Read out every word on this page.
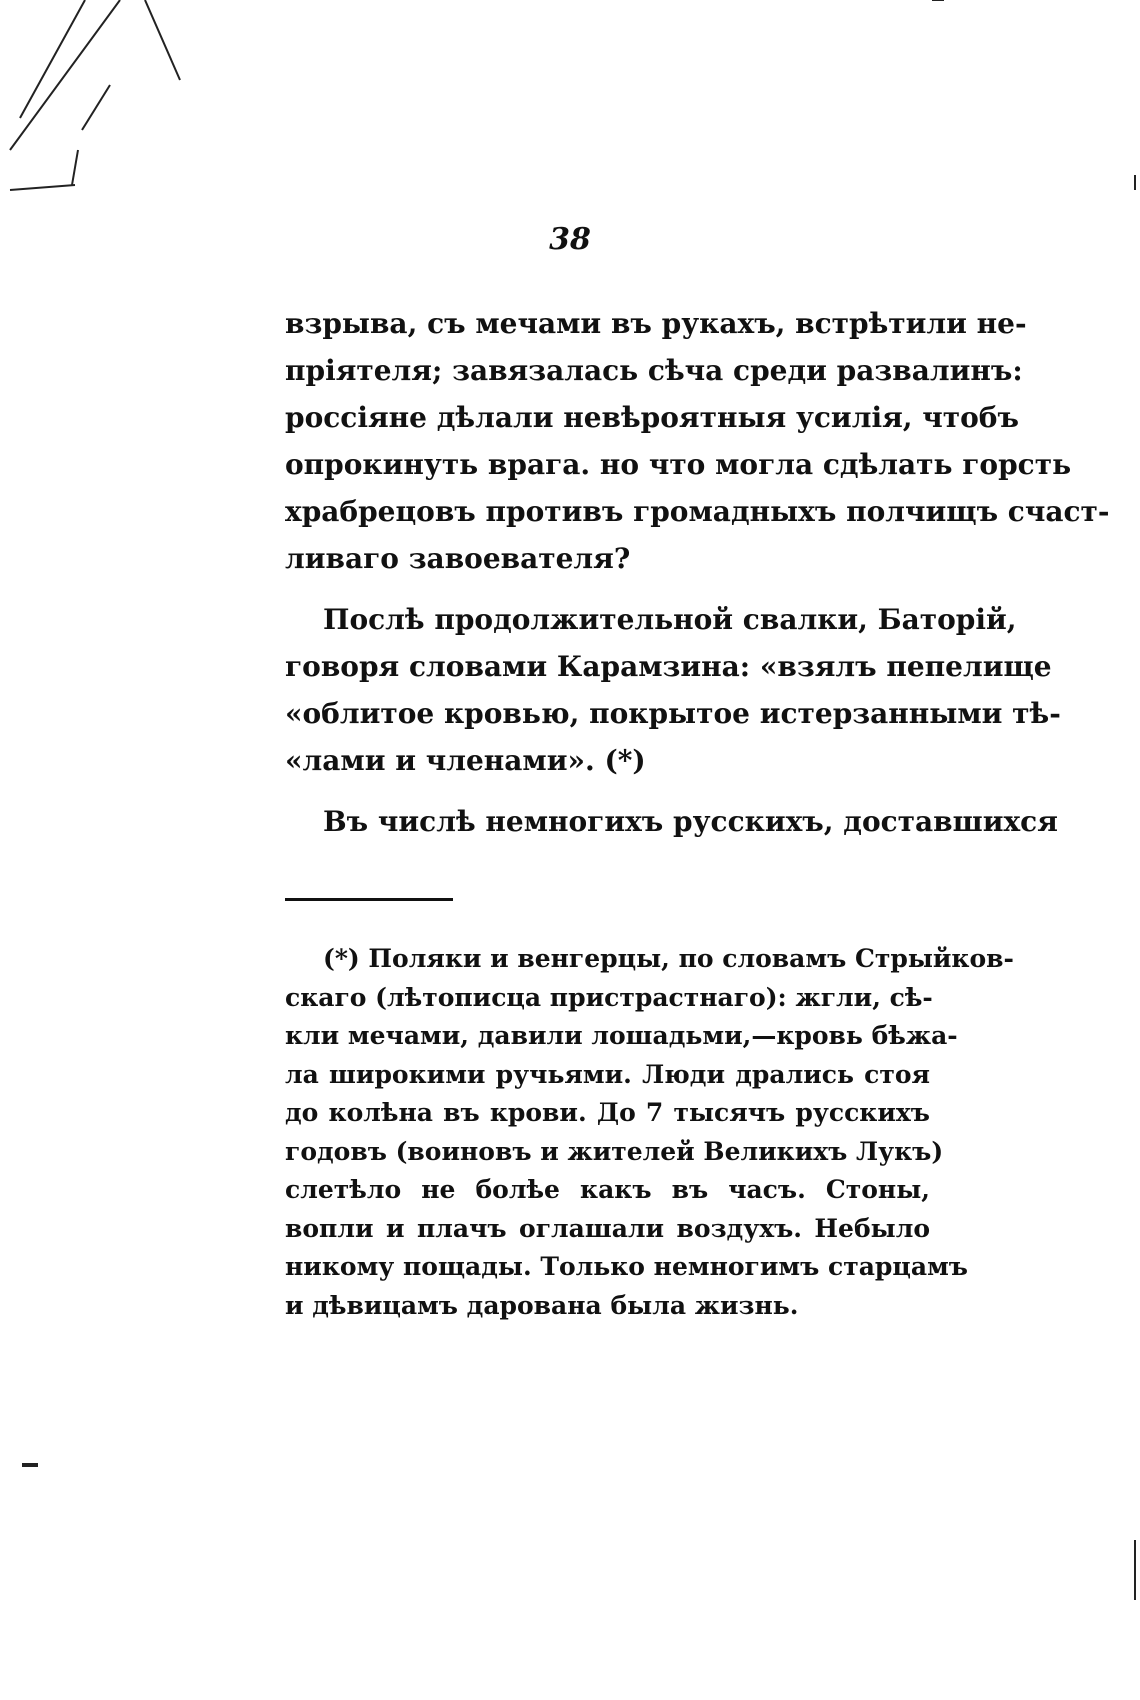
38
взрыва, съ мечами въ рукахъ, встрѣтили не-
пріятеля; завязалась сѣча среди развалинъ:
россіяне дѣлали невѣроятныя усилія, чтобъ
опрокинуть врага. но что могла сдѣлать горсть
храбрецовъ противъ громадныхъ полчищъ счаст-
ливаго завоевателя?
Послѣ продолжительной свалки, Баторій,
говоря словами Карамзина: «взялъ пепелище
«облитое кровью, покрытое истерзанными тѣ-
«лами и членами». (*)
Въ числѣ немногихъ русскихъ, доставшихся
(*) Поляки и венгерцы, по словамъ Стрыйков-
скаго (лѣтописца пристрастнаго): жгли, сѣ-
кли мечами, давили лошадьми,—кровь бѣжа-
ла широкими ручьями. Люди дрались стоя
до колѣна въ крови. До 7 тысячъ русскихъ
годовъ (воиновъ и жителей Великихъ Лукъ)
слетѣло не болѣе какъ въ часъ. Стоны,
вопли и плачъ оглашали воздухъ. Небыло
никому пощады. Только немногимъ старцамъ
и дѣвицамъ дарована была жизнь.
